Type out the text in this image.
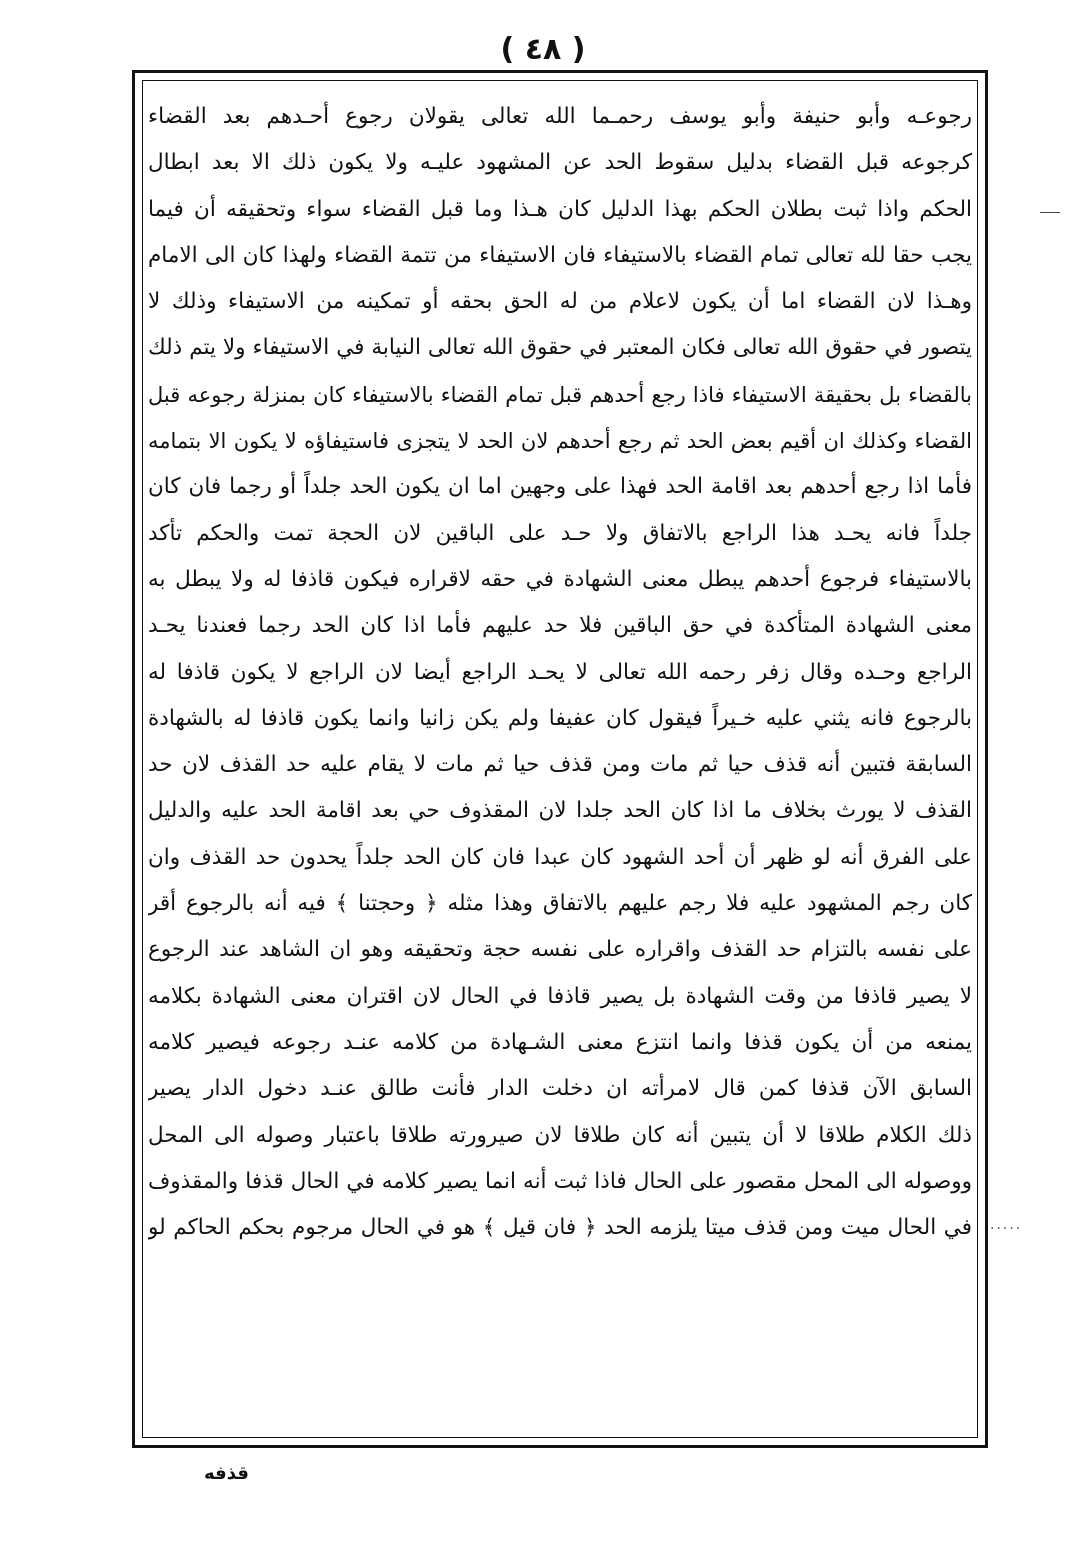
( ٤٨ )
رجوعـه وأبو حنيفة وأبو يوسف رحمـما الله تعالى يقولان رجوع أحـدهم بعد القضاء
كرجوعه قبل القضاء بدليل سقوط الحد عن المشهود عليـه ولا يكون ذلك الا بعد ابطال
الحكم واذا ثبت بطلان الحكم بهذا الدليل كان هـذا وما قبل القضاء سواء وتحقيقه أن فيما
يجب حقا لله تعالى تمام القضاء بالاستيفاء فان الاستيفاء من تتمة القضاء ولهذا كان الى الامام
وهـذا لان القضاء اما أن يكون لاعلام من له الحق بحقه أو تمكينه من الاستيفاء وذلك لا
يتصور في حقوق الله تعالى فكان المعتبر في حقوق الله تعالى النيابة في الاستيفاء ولا يتم ذلك
بالقضاء بل بحقيقة الاستيفاء فاذا رجع أحدهم قبل تمام القضاء بالاستيفاء كان بمنزلة رجوعه قبل
القضاء وكذلك ان أقيم بعض الحد ثم رجع أحدهم لان الحد لا يتجزى فاستيفاؤه لا يكون الا بتمامه
فأما اذا رجع أحدهم بعد اقامة الحد فهذا على وجهين اما ان يكون الحد جلداً أو رجما فان كان
جلداً فانه يحـد هذا الراجع بالاتفاق ولا حـد على الباقين لان الحجة تمت والحكم تأكد
بالاستيفاء فرجوع أحدهم يبطل معنى الشهادة في حقه لاقراره فيكون قاذفا له ولا يبطل به
معنى الشهادة المتأكدة في حق الباقين فلا حد عليهم فأما اذا كان الحد رجما فعندنا يحـد
الراجع وحـده وقال زفر رحمه الله تعالى لا يحـد الراجع أيضا لان الراجع لا يكون قاذفا له
بالرجوع فانه يثني عليه خـيراً فيقول كان عفيفا ولم يكن زانيا وانما يكون قاذفا له بالشهادة
السابقة فتبين أنه قذف حيا ثم مات ومن قذف حيا ثم مات لا يقام عليه حد القذف لان حد
القذف لا يورث بخلاف ما اذا كان الحد جلدا لان المقذوف حي بعد اقامة الحد عليه والدليل
على الفرق أنه لو ظهر أن أحد الشهود كان عبدا فان كان الحد جلداً يحدون حد القذف وان
كان رجم المشهود عليه فلا رجم عليهم بالاتفاق وهذا مثله ﴿ وحجتنا ﴾ فيه أنه بالرجوع أقر
على نفسه بالتزام حد القذف واقراره على نفسه حجة وتحقيقه وهو ان الشاهد عند الرجوع
لا يصير قاذفا من وقت الشهادة بل يصير قاذفا في الحال لان اقتران معنى الشهادة بكلامه
يمنعه من أن يكون قذفا وانما انتزع معنى الشـهادة من كلامه عنـد رجوعه فيصير كلامه
السابق الآن قذفا كمن قال لامرأته ان دخلت الدار فأنت طالق عنـد دخول الدار يصير
ذلك الكلام طلاقا لا أن يتبين أنه كان طلاقا لان صيرورته طلاقا باعتبار وصوله الى المحل
ووصوله الى المحل مقصور على الحال فاذا ثبت أنه انما يصير كلامه في الحال قذفا والمقذوف
في الحال ميت ومن قذف ميتا يلزمه الحد ﴿ فان قيل ﴾ هو في الحال مرجوم بحكم الحاكم لو
قذفه
·····
